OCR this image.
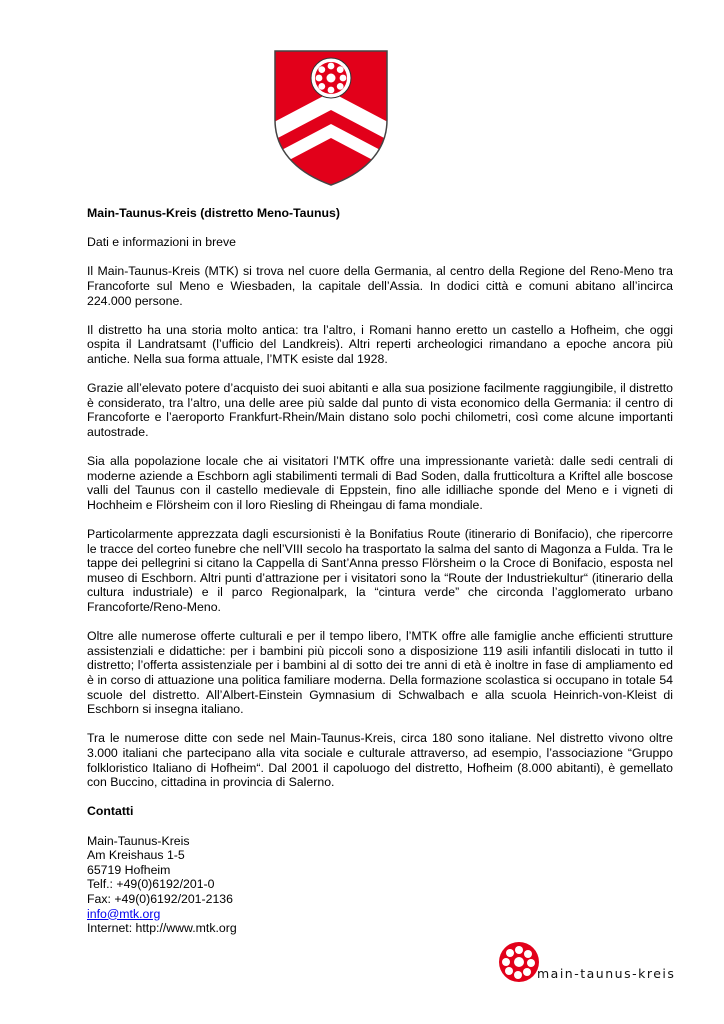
Main-Taunus-Kreis (distretto Meno-Taunus)

Dati e informazioni in breve

Il Main-Taunus-Kreis (MTK) si trova nel cuore della Germania, al centro della Regione del Reno-Meno tra Francoforte sul Meno e Wiesbaden, la capitale dell’Assia. In dodici città e comuni abitano all’incirca 224.000 persone.

Il distretto ha una storia molto antica: tra l’altro, i Romani hanno eretto un castello a Hofheim, che oggi ospita il Landratsamt (l’ufficio del Landkreis). Altri reperti archeologici rimandano a epoche ancora più antiche. Nella sua forma attuale, l’MTK esiste dal 1928.

Grazie all’elevato potere d’acquisto dei suoi abitanti e alla sua posizione facilmente raggiungibile, il distretto è considerato, tra l’altro, una delle aree più salde dal punto di vista economico della Germania: il centro di Francoforte e l’aeroporto Frankfurt-Rhein/Main distano solo pochi chilometri, così come alcune importanti autostrade.

Sia alla popolazione locale che ai visitatori l’MTK offre una impressionante varietà: dalle sedi centrali di moderne aziende a Eschborn agli stabilimenti termali di Bad Soden, dalla frutticoltura a Kriftel alle boscose valli del Taunus con il castello medievale di Eppstein, fino alle idilliache sponde del Meno e i vigneti di Hochheim e Flörsheim con il loro Riesling di Rheingau di fama mondiale.

Particolarmente apprezzata dagli escursionisti è la Bonifatius Route (itinerario di Bonifacio), che ripercorre le tracce del corteo funebre che nell’VIII secolo ha trasportato la salma del santo di Magonza a Fulda. Tra le tappe dei pellegrini si citano la Cappella di Sant’Anna presso Flörsheim o la Croce di Bonifacio, esposta nel museo di Eschborn. Altri punti d’attrazione per i visitatori sono la “Route der Industriekultur“ (itinerario della cultura industriale) e il parco Regionalpark, la “cintura verde” che circonda l’agglomerato urbano Francoforte/Reno-Meno.

Oltre alle numerose offerte culturali e per il tempo libero, l’MTK offre alle famiglie anche efficienti strutture assistenziali e didattiche: per i bambini più piccoli sono a disposizione 119 asili infantili dislocati in tutto il distretto; l’offerta assistenziale per i bambini al di sotto dei tre anni di età è inoltre in fase di ampliamento ed è in corso di attuazione una politica familiare moderna. Della formazione scolastica si occupano in totale 54 scuole del distretto. All’Albert-Einstein Gymnasium di Schwalbach e alla scuola Heinrich-von-Kleist di Eschborn si insegna italiano.

Tra le numerose ditte con sede nel Main-Taunus-Kreis, circa 180 sono italiane. Nel distretto vivono oltre 3.000 italiani che partecipano alla vita sociale e culturale attraverso, ad esempio, l’associazione “Gruppo folkloristico Italiano di Hofheim“. Dal 2001 il capoluogo del distretto, Hofheim (8.000 abitanti), è gemellato con Buccino, cittadina in provincia di Salerno.

Contatti

Main-Taunus-Kreis
Am Kreishaus 1-5
65719 Hofheim
Telf.: +49(0)6192/201-0
Fax: +49(0)6192/201-2136
info@mtk.org
Internet: http://www.mtk.org

main-taunus-kreis
